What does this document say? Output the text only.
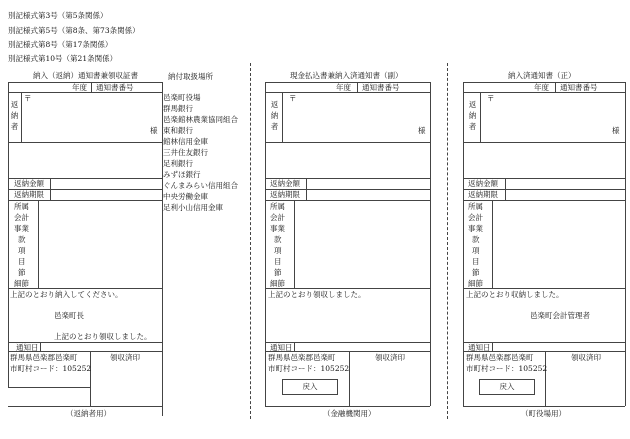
別記様式第3号（第5条関係）
別記様式第5号（第8条、第73条関係）
別記様式第8号（第17条関係）
別記様式第10号（第21条関係）
納入（返納）通知書兼領収証書
年度 通知書番号
〒
返納者	様
返納金額
返納期限
所属
会計
事業
款
項
目
節
細節
上記のとおり納入してください。
邑楽町長
上記のとおり領収しました。
通知日
群馬県邑楽郡邑楽町
市町村コード：105252
領収済印
（返納者用）
納付取扱場所
邑楽町役場
群馬銀行
邑楽館林農業協同組合
東和銀行
館林信用金庫
三井住友銀行
足利銀行
みずほ銀行
ぐんまみらい信用組合
中央労働金庫
足利小山信用金庫
現金払込書兼納入済通知書（副）
年度 通知書番号
〒
返納者	様
返納金額
返納期限
所属
会計
事業
款
項
目
節
細節
上記のとおり領収しました。
通知日
群馬県邑楽郡邑楽町
市町村コード：105252
領収済印
戻入
（金融機関用）
納入済通知書（正）
年度 通知書番号
〒
返納者	様
返納金額
返納期限
所属
会計
事業
款
項
目
節
細節
上記のとおり収納しました。
邑楽町会計管理者
通知日
群馬県邑楽郡邑楽町
市町村コード：105252
領収済印
戻入
（町役場用）
